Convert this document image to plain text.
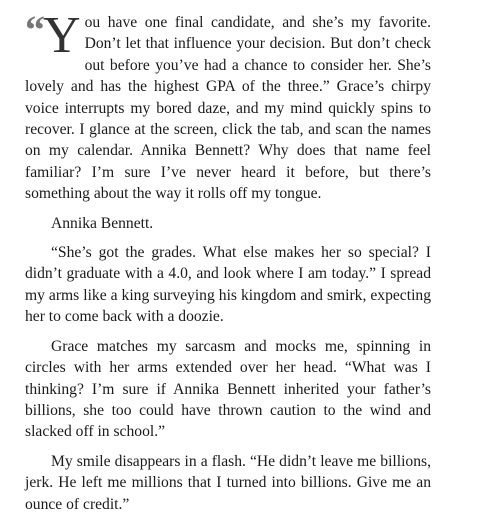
“ Y ou have one final candidate, and she’s my favorite. Don’t let that influence your decision. But don’t check out before you’ve had a chance to consider her. She’s lovely and has the highest GPA of the three.” Grace’s chirpy voice interrupts my bored daze, and my mind quickly spins to recover. I glance at the screen, click the tab, and scan the names on my calendar. Annika Bennett? Why does that name feel familiar? I’m sure I’ve never heard it before, but there’s something about the way it rolls off my tongue.

Annika Bennett.

“She’s got the grades. What else makes her so special? I didn’t graduate with a 4.0, and look where I am today.” I spread my arms like a king surveying his kingdom and smirk, expecting her to come back with a doozie.

Grace matches my sarcasm and mocks me, spinning in circles with her arms extended over her head. “What was I thinking? I’m sure if Annika Bennett inherited your father’s billions, she too could have thrown caution to the wind and slacked off in school.”

My smile disappears in a flash. “He didn’t leave me billions, jerk. He left me millions that I turned into billions. Give me an ounce of credit.”
